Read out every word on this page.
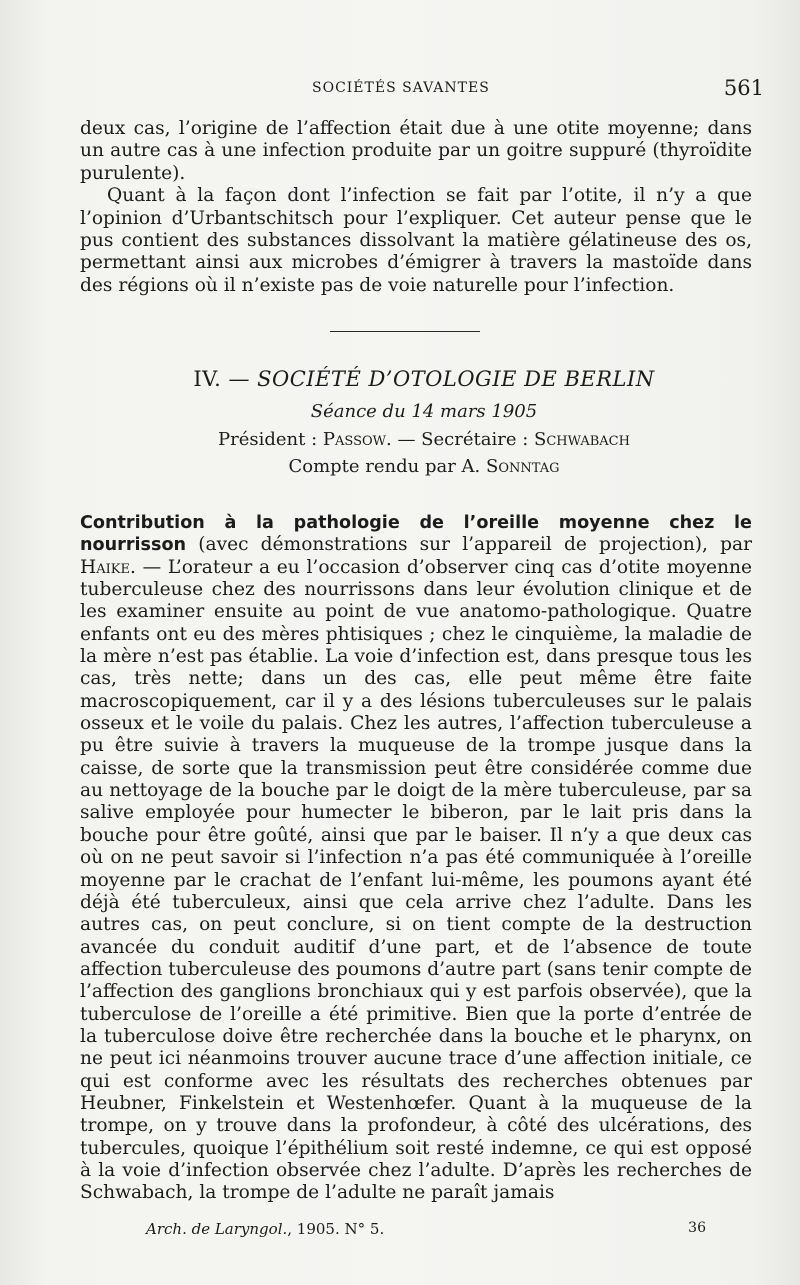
SOCIÉTÉS SAVANTES	561

deux cas, l’origine de l’affection était due à une otite moyenne; dans un autre cas à une infection produite par un goitre suppuré (thyroïdite purulente).

Quant à la façon dont l’infection se fait par l’otite, il n’y a que l’opinion d’Urbantschitsch pour l’expliquer. Cet auteur pense que le pus contient des substances dissolvant la matière gélatineuse des os, permettant ainsi aux microbes d’émigrer à travers la mastoïde dans des régions où il n’existe pas de voie naturelle pour l’infection.

IV. — SOCIÉTÉ D’OTOLOGIE DE BERLIN
Séance du 14 mars 1905
Président : Passow. — Secrétaire : Schwabach
Compte rendu par A. Sonntag

Contribution à la pathologie de l’oreille moyenne chez le nourrisson (avec démonstrations sur l’appareil de projection), par Haike. — L’orateur a eu l’occasion d’observer cinq cas d’otite moyenne tuberculeuse chez des nourrissons dans leur évolution clinique et de les examiner ensuite au point de vue anatomo-pathologique. Quatre enfants ont eu des mères phtisiques ; chez le cinquième, la maladie de la mère n’est pas établie. La voie d’infection est, dans presque tous les cas, très nette; dans un des cas, elle peut même être faite macroscopiquement, car il y a des lésions tuberculeuses sur le palais osseux et le voile du palais. Chez les autres, l’affection tuberculeuse a pu être suivie à travers la muqueuse de la trompe jusque dans la caisse, de sorte que la transmission peut être considérée comme due au nettoyage de la bouche par le doigt de la mère tuberculeuse, par sa salive employée pour humecter le biberon, par le lait pris dans la bouche pour être goûté, ainsi que par le baiser. Il n’y a que deux cas où on ne peut savoir si l’infection n’a pas été communiquée à l’oreille moyenne par le crachat de l’enfant lui-même, les poumons ayant été déjà été tuberculeux, ainsi que cela arrive chez l’adulte. Dans les autres cas, on peut conclure, si on tient compte de la destruction avancée du conduit auditif d’une part, et de l’absence de toute affection tuberculeuse des poumons d’autre part (sans tenir compte de l’affection des ganglions bronchiaux qui y est parfois observée), que la tuberculose de l’oreille a été primitive. Bien que la porte d’entrée de la tuberculose doive être recherchée dans la bouche et le pharynx, on ne peut ici néanmoins trouver aucune trace d’une affection initiale, ce qui est conforme avec les résultats des recherches obtenues par Heubner, Finkelstein et Westenhœfer. Quant à la muqueuse de la trompe, on y trouve dans la profondeur, à côté des ulcérations, des tubercules, quoique l’épithélium soit resté indemne, ce qui est opposé à la voie d’infection observée chez l’adulte. D’après les recherches de Schwabach, la trompe de l’adulte ne paraît jamais

Arch. de Laryngol., 1905. N° 5.	36
